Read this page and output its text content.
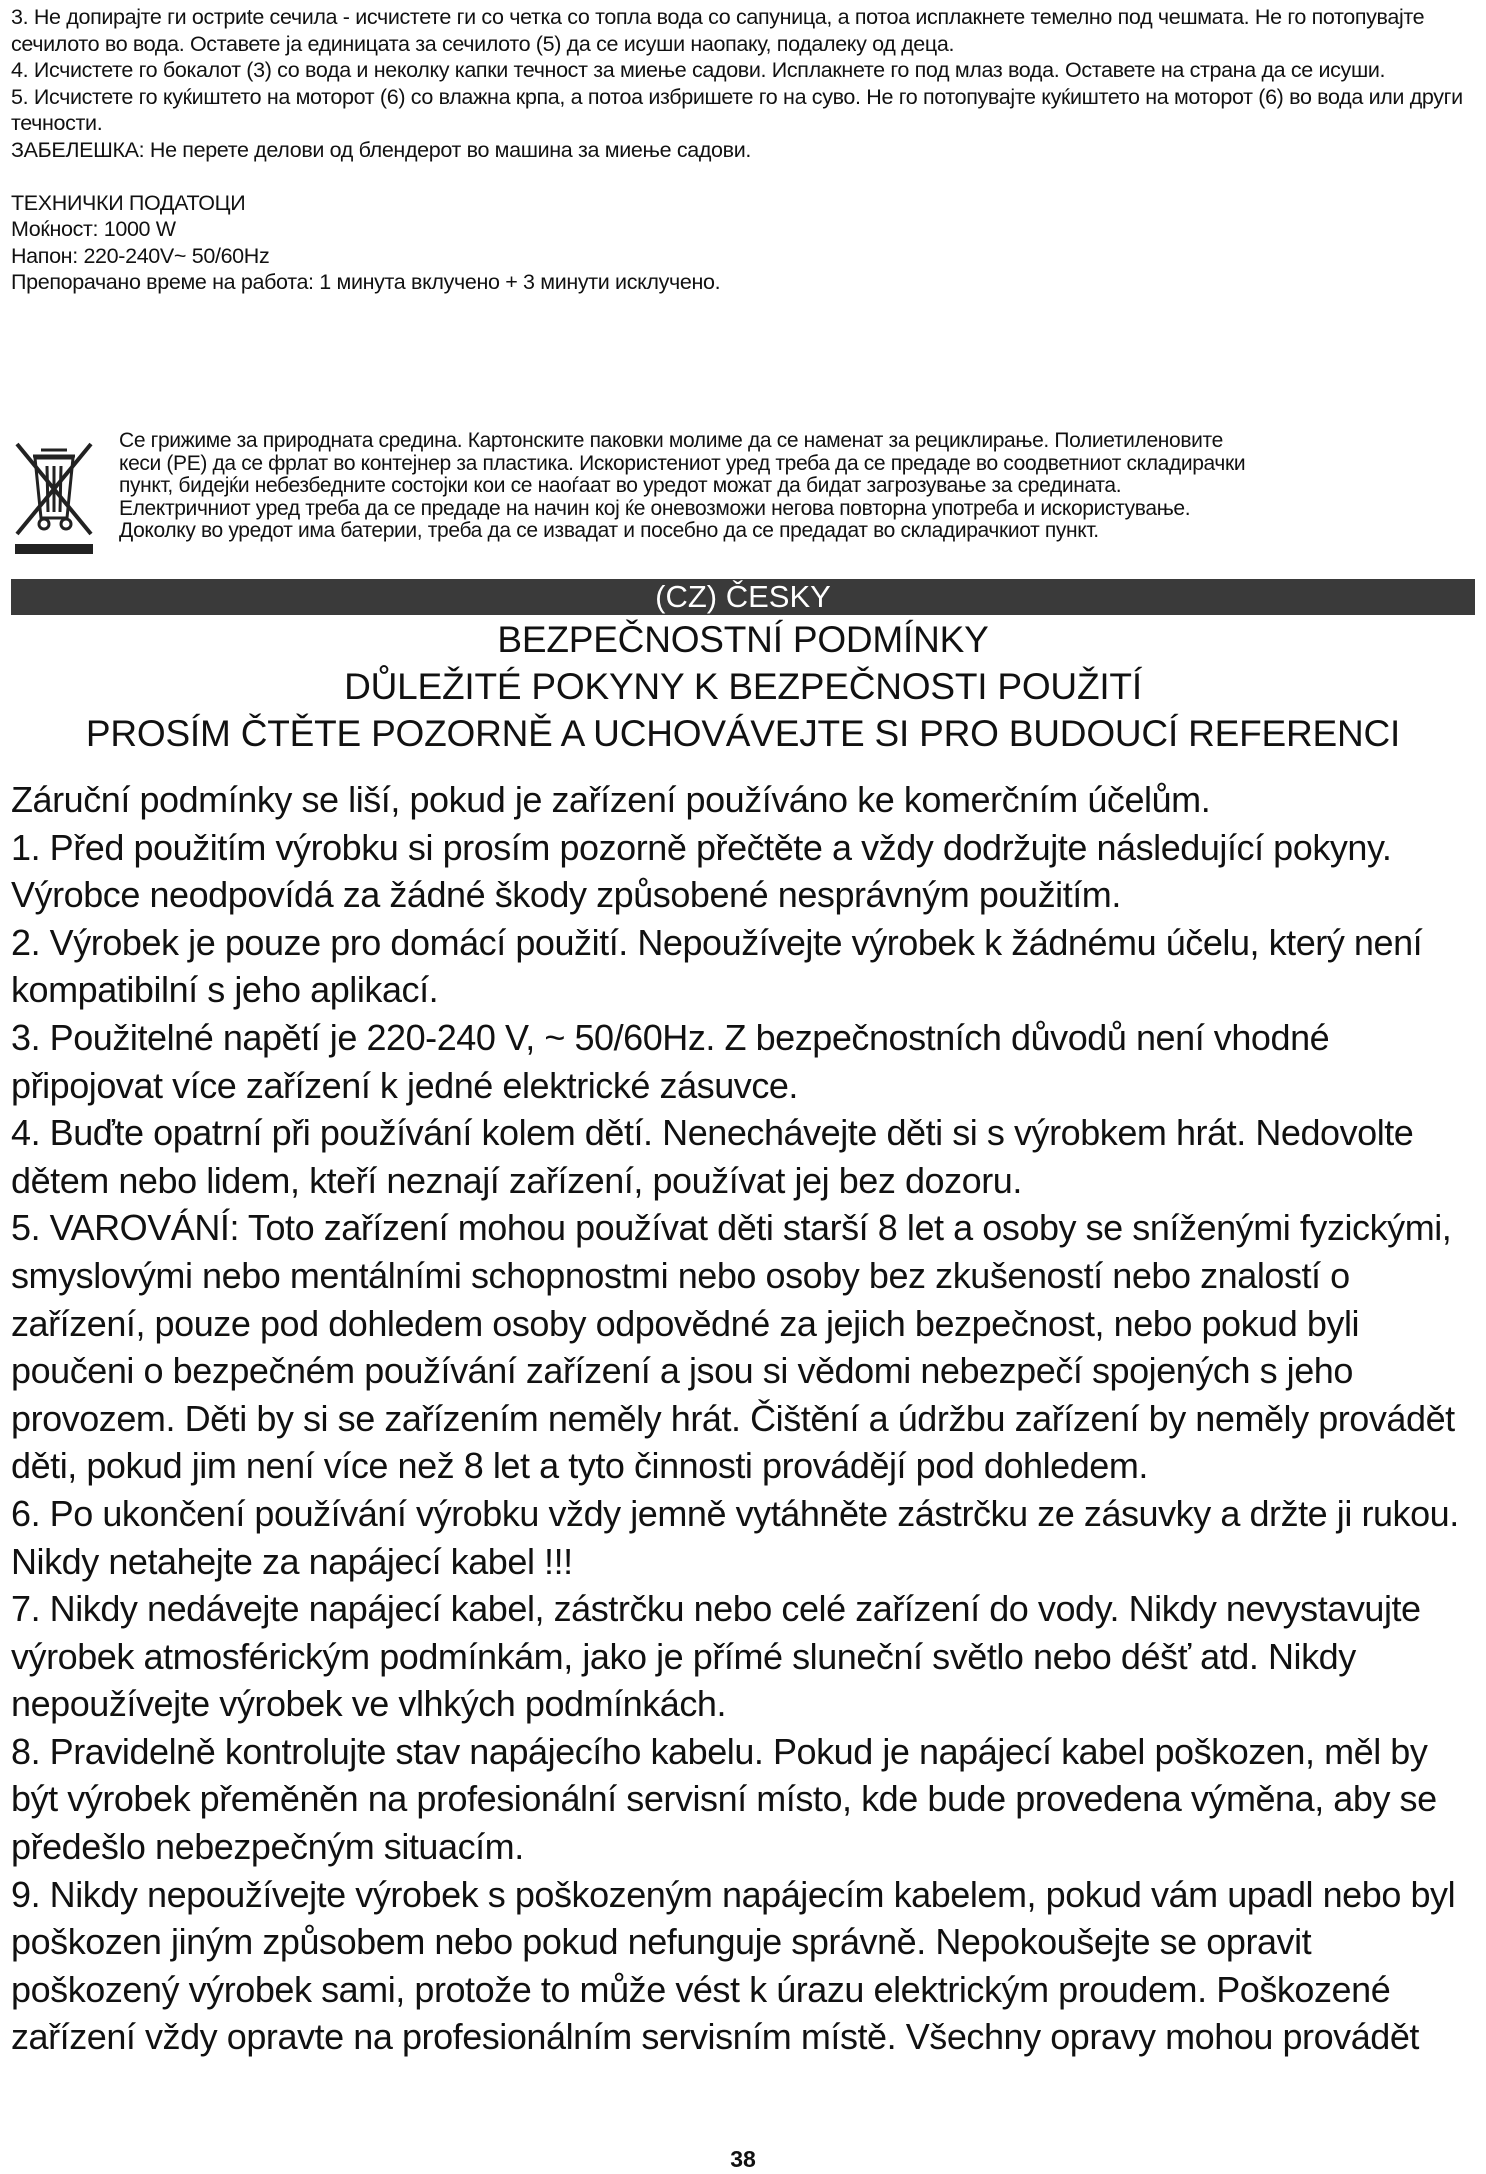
3. Не допирајте ги остриte сечила - исчистете ги со четка со топла вода со сапуница, а потоа исплакнете темелно под чешмата. Не го потопувајте сечилото во вода. Оставете ја единицата за сечилото (5) да се исуши наопаку, подалеку од деца.

4. Исчистете го бокалот (3) со вода и неколку капки течност за миење садови. Исплакнете го под млаз вода. Оставете на страна да се исуши.

5. Исчистете го куќиштето на моторот (6) со влажна крпа, а потоа избришете го на суво. Не го потопувајте куќиштето на моторот (6) во вода или други течности.

ЗАБЕЛЕШКА: Не перете делови од блендерот во машина за миење садови.

ТЕХНИЧКИ ПОДАТОЦИ

Моќност: 1000 W

Напон: 220-240V~ 50/60Hz

Препорачано време на работа: 1 минута вклучено + 3 минути исклучено.

Се грижиме за природната средина. Картонските паковки молиме да се наменат за рециклирање. Полиетиленовите

кеси (PE) да се фрлат во контејнер за пластика. Искористениот уред треба да се предаде во соодветниот складирачки

пункт, бидејќи небезбедните состојки кои се наоѓаат во уредот можат да бидат загрозување за средината.

Електричниот уред треба да се предаде на начин кој ќе оневозможи негова повторна употреба и искористување.

Доколку во уредот има батерии, треба да се извадат и посебно да се предадат во складирачкиот пункт.

(CZ) ČESKY
BEZPEČNOSTNÍ PODMÍNKY
DŮLEŽITÉ POKYNY K BEZPEČNOSTI POUŽITÍ
PROSÍM ČTĚTE POZORNĚ A UCHOVÁVEJTE SI PRO BUDOUCÍ REFERENCI

Záruční podmínky se liší, pokud je zařízení používáno ke komerčním účelům.

1. Před použitím výrobku si prosím pozorně přečtěte a vždy dodržujte následující pokyny. Výrobce neodpovídá za žádné škody způsobené nesprávným použitím.

2. Výrobek je pouze pro domácí použití. Nepoužívejte výrobek k žádnému účelu, který není kompatibilní s jeho aplikací.

3. Použitelné napětí je 220-240 V, ~ 50/60Hz. Z bezpečnostních důvodů není vhodné připojovat více zařízení k jedné elektrické zásuvce.

4. Buďte opatrní při používání kolem dětí. Nenechávejte děti si s výrobkem hrát. Nedovolte dětem nebo lidem, kteří neznají zařízení, používat jej bez dozoru.

5. VAROVÁNÍ: Toto zařízení mohou používat děti starší 8 let a osoby se sníženými fyzickými, smyslovými nebo mentálními schopnostmi nebo osoby bez zkušeností nebo znalostí o zařízení, pouze pod dohledem osoby odpovědné za jejich bezpečnost, nebo pokud byli poučeni o bezpečném používání zařízení a jsou si vědomi nebezpečí spojených s jeho provozem. Děti by si se zařízením neměly hrát. Čištění a údržbu zařízení by neměly provádět děti, pokud jim není více než 8 let a tyto činnosti provádějí pod dohledem.

6. Po ukončení používání výrobku vždy jemně vytáhněte zástrčku ze zásuvky a držte ji rukou. Nikdy netahejte za napájecí kabel !!!

7. Nikdy nedávejte napájecí kabel, zástrčku nebo celé zařízení do vody. Nikdy nevystavujte výrobek atmosférickým podmínkám, jako je přímé sluneční světlo nebo déšť atd. Nikdy nepoužívejte výrobek ve vlhkých podmínkách.

8. Pravidelně kontrolujte stav napájecího kabelu. Pokud je napájecí kabel poškozen, měl by být výrobek přeměněn na profesionální servisní místo, kde bude provedena výměna, aby se předešlo nebezpečným situacím.

9. Nikdy nepoužívejte výrobek s poškozeným napájecím kabelem, pokud vám upadl nebo byl poškozen jiným způsobem nebo pokud nefunguje správně. Nepokoušejte se opravit poškozený výrobek sami, protože to může vést k úrazu elektrickým proudem. Poškozené zařízení vždy opravte na profesionálním servisním místě. Všechny opravy mohou provádět

38
